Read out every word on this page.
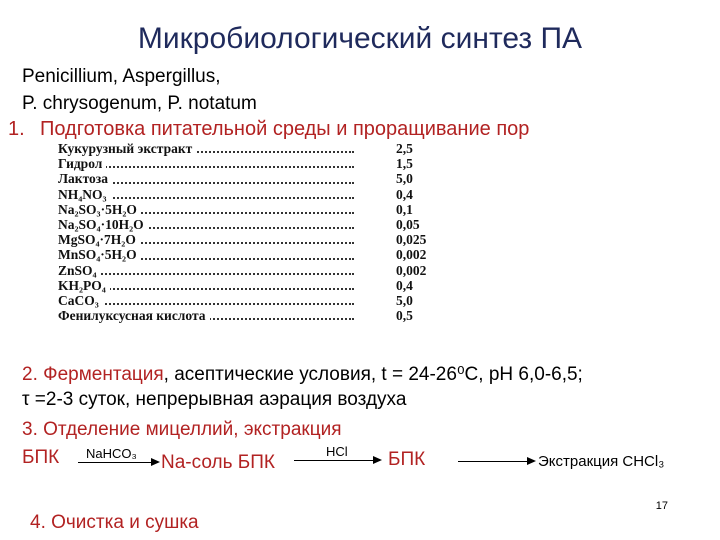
Микробиологический синтез ПА
Penicillium, Aspergillus,
P. chrysogenum, P. notatum
1. Подготовка питательной среды и проращивание пор
Кукурузный экстракт	2,5
Гидрол	1,5
Лактоза	5,0
NH₄NO₃	0,4
Na₂SO₃·5H₂O	0,1
Na₂SO₄·10H₂O	0,05
MgSO₄·7H₂O	0,025
MnSO₄·5H₂O	0,002
ZnSO₄	0,002
KH₂PO₄	0,4
CaCO₃	5,0
Фенилуксусная кислота	0,5
2. Ферментация, асептические условия, t = 24-26⁰С, рН 6,0-6,5;
τ =2-3 суток, непрерывная аэрация воздуха
3. Отделение мицеллий, экстракция
БПК NaHCO₃ Na-соль БПК
HCl БПК	Экстракция СНCl₃
4. Очистка и сушка
17
